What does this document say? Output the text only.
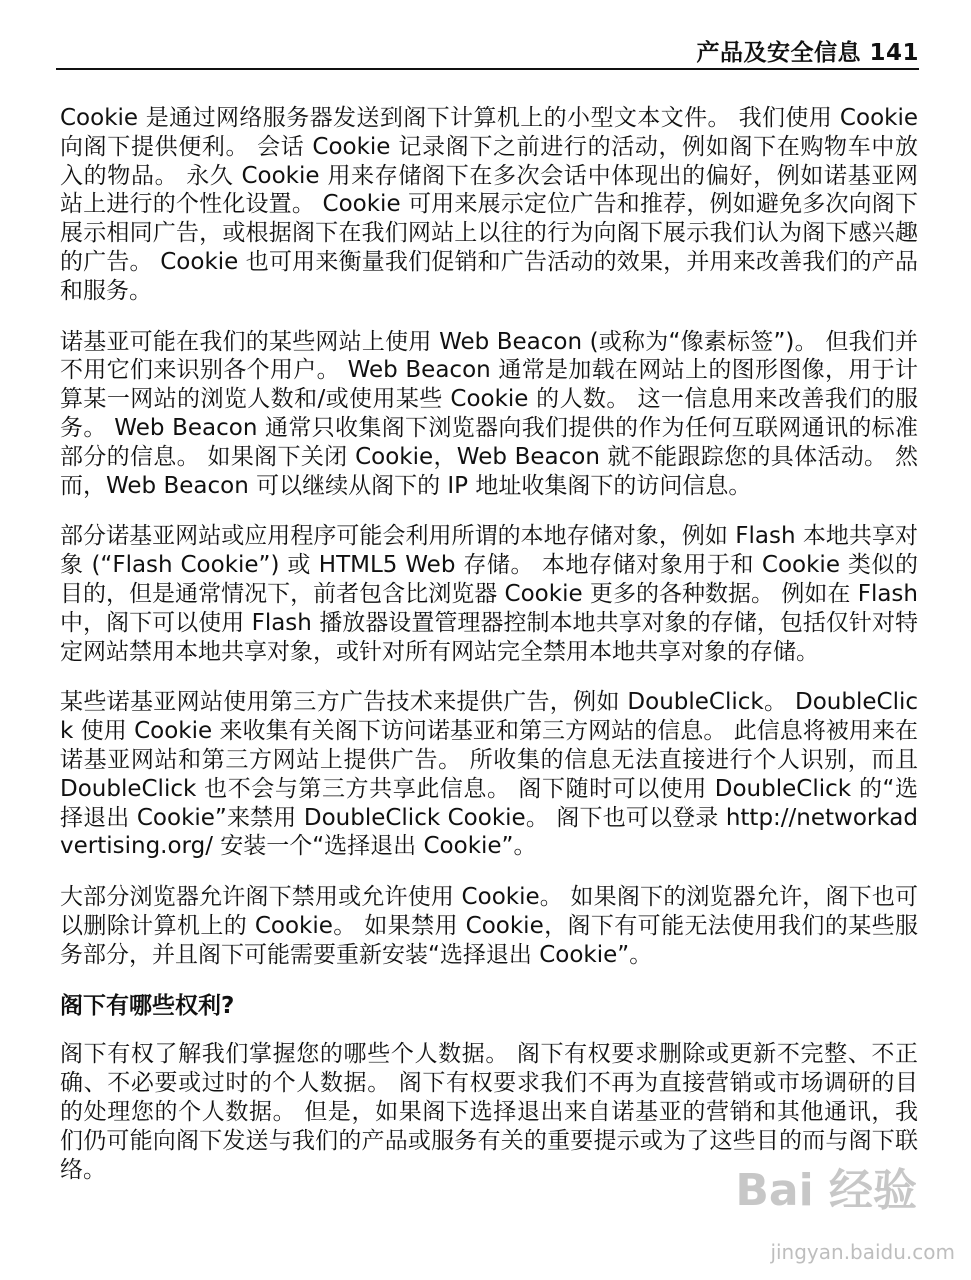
产品及安全信息 141

Cookie 是通过网络服务器发送到阁下计算机上的小型文本文件。 我们使用 Cookie 向阁下提供便利。 会话 Cookie 记录阁下之前进行的活动，例如阁下在购物车中放入的物品。 永久 Cookie 用来存储阁下在多次会话中体现出的偏好，例如诺基亚网站上进行的个性化设置。 Cookie 可用来展示定位广告和推荐，例如避免多次向阁下展示相同广告，或根据阁下在我们网站上以往的行为向阁下展示我们认为阁下感兴趣的广告。 Cookie 也可用来衡量我们促销和广告活动的效果，并用来改善我们的产品和服务。

诺基亚可能在我们的某些网站上使用 Web Beacon (或称为“像素标签”)。 但我们并不用它们来识别各个用户。 Web Beacon 通常是加载在网站上的图形图像，用于计算某一网站的浏览人数和/或使用某些 Cookie 的人数。 这一信息用来改善我们的服务。 Web Beacon 通常只收集阁下浏览器向我们提供的作为任何互联网通讯的标准部分的信息。 如果阁下关闭 Cookie，Web Beacon 就不能跟踪您的具体活动。 然而，Web Beacon 可以继续从阁下的 IP 地址收集阁下的访问信息。

部分诺基亚网站或应用程序可能会利用所谓的本地存储对象，例如 Flash 本地共享对象 (“Flash Cookie”) 或 HTML5 Web 存储。 本地存储对象用于和 Cookie 类似的目的，但是通常情况下，前者包含比浏览器 Cookie 更多的各种数据。 例如在 Flash 中，阁下可以使用 Flash 播放器设置管理器控制本地共享对象的存储，包括仅针对特定网站禁用本地共享对象，或针对所有网站完全禁用本地共享对象的存储。

某些诺基亚网站使用第三方广告技术来提供广告，例如 DoubleClick。 DoubleClick 使用 Cookie 来收集有关阁下访问诺基亚和第三方网站的信息。 此信息将被用来在诺基亚网站和第三方网站上提供广告。 所收集的信息无法直接进行个人识别，而且 DoubleClick 也不会与第三方共享此信息。 阁下随时可以使用 DoubleClick 的“选择退出 Cookie”来禁用 DoubleClick Cookie。 阁下也可以登录 http://networkadvertising.org/ 安装一个“选择退出 Cookie”。

大部分浏览器允许阁下禁用或允许使用 Cookie。 如果阁下的浏览器允许，阁下也可以删除计算机上的 Cookie。 如果禁用 Cookie，阁下有可能无法使用我们的某些服务部分，并且阁下可能需要重新安装“选择退出 Cookie”。

阁下有哪些权利?

阁下有权了解我们掌握您的哪些个人数据。 阁下有权要求删除或更新不完整、不正确、不必要或过时的个人数据。 阁下有权要求我们不再为直接营销或市场调研的目的处理您的个人数据。 但是，如果阁下选择退出来自诺基亚的营销和其他通讯，我们仍可能向阁下发送与我们的产品或服务有关的重要提示或为了这些目的而与阁下联络。	Bai 经验
jingyan.baidu.com
